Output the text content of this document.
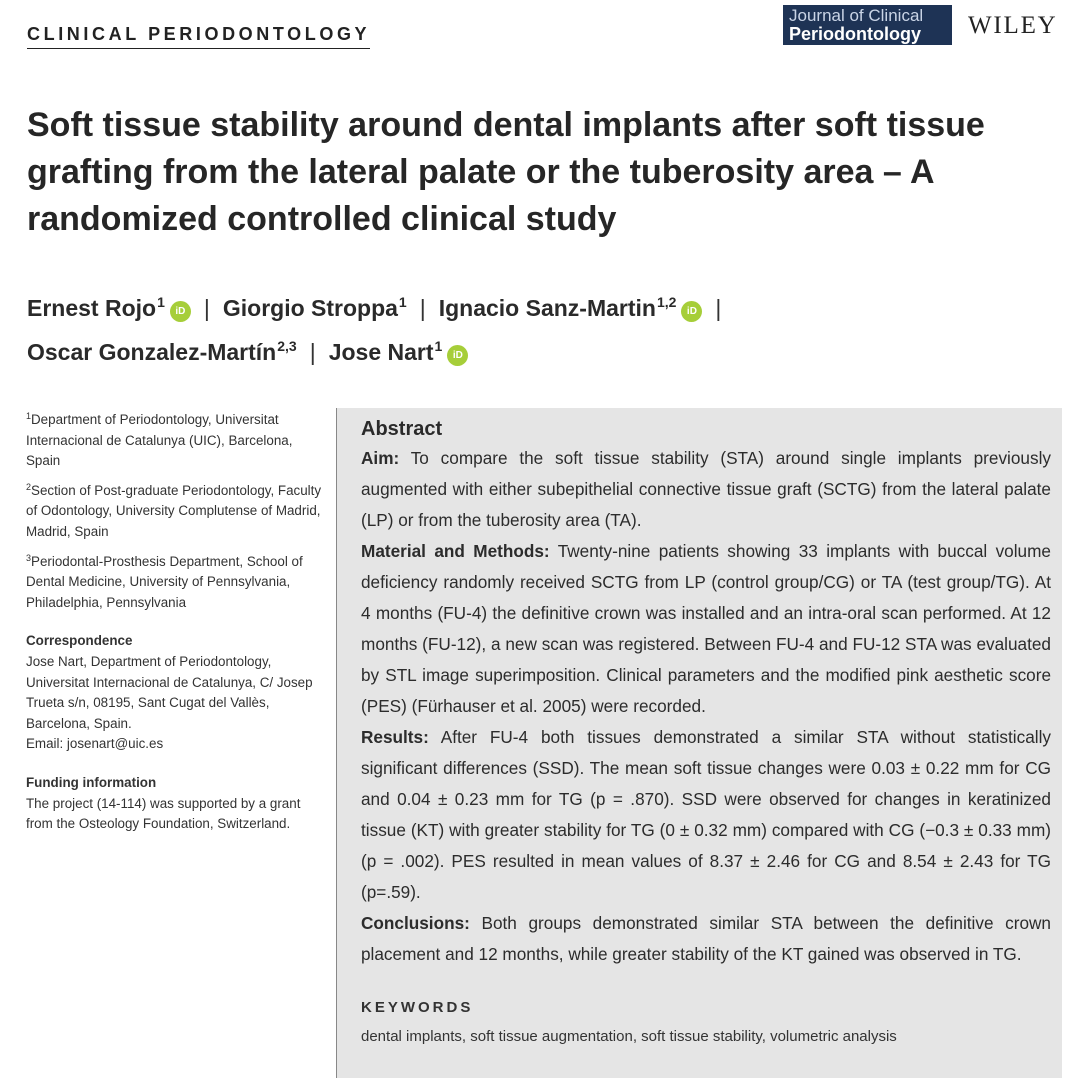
CLINICAL PERIODONTOLOGY
Journal of Clinical
Periodontology	WILEY
Soft tissue stability around dental implants after soft tissue grafting from the lateral palate or the tuberosity area – A randomized controlled clinical study
Ernest Rojo$^1$iD | Giorgio Stroppa$^1$ | Ignacio Sanz-Martin$^{1,2}$iD |
Oscar Gonzalez-Martín$^{2,3}$ | Jose Nart$^1$iD

$^1$Department of Periodontology, Universitat Internacional de Catalunya (UIC), Barcelona, Spain

$^2$Section of Post-graduate Periodontology, Faculty of Odontology, University Complutense of Madrid, Madrid, Spain

$^3$Periodontal-Prosthesis Department, School of Dental Medicine, University of Pennsylvania, Philadelphia, Pennsylvania

Correspondence

Jose Nart, Department of Periodontology, Universitat Internacional de Catalunya, C/ Josep Trueta s/n, 08195, Sant Cugat del Vallès, Barcelona, Spain.
Email: josenart@uic.es

Funding information

The project (14-114) was supported by a grant from the Osteology Foundation, Switzerland.

Abstract

Aim: To compare the soft tissue stability (STA) around single implants previously augmented with either subepithelial connective tissue graft (SCTG) from the lateral palate (LP) or from the tuberosity area (TA).

Material and Methods: Twenty-nine patients showing 33 implants with buccal volume deficiency randomly received SCTG from LP (control group/CG) or TA (test group/TG). At 4 months (FU-4) the definitive crown was installed and an intra-oral scan performed. At 12 months (FU-12), a new scan was registered. Between FU-4 and FU-12 STA was evaluated by STL image superimposition. Clinical parameters and the modified pink aesthetic score (PES) (Fürhauser et al. 2005) were recorded.

Results: After FU-4 both tissues demonstrated a similar STA without statistically significant differences (SSD). The mean soft tissue changes were 0.03 ± 0.22 mm for CG and 0.04 ± 0.23 mm for TG (p = .870). SSD were observed for changes in keratinized tissue (KT) with greater stability for TG (0 ± 0.32 mm) compared with CG (−0.3 ± 0.33 mm) (p = .002). PES resulted in mean values of 8.37 ± 2.46 for CG and 8.54 ± 2.43 for TG (p=.59).

Conclusions: Both groups demonstrated similar STA between the definitive crown placement and 12 months, while greater stability of the KT gained was observed in TG.

KEYWORDS
dental implants, soft tissue augmentation, soft tissue stability, volumetric analysis
